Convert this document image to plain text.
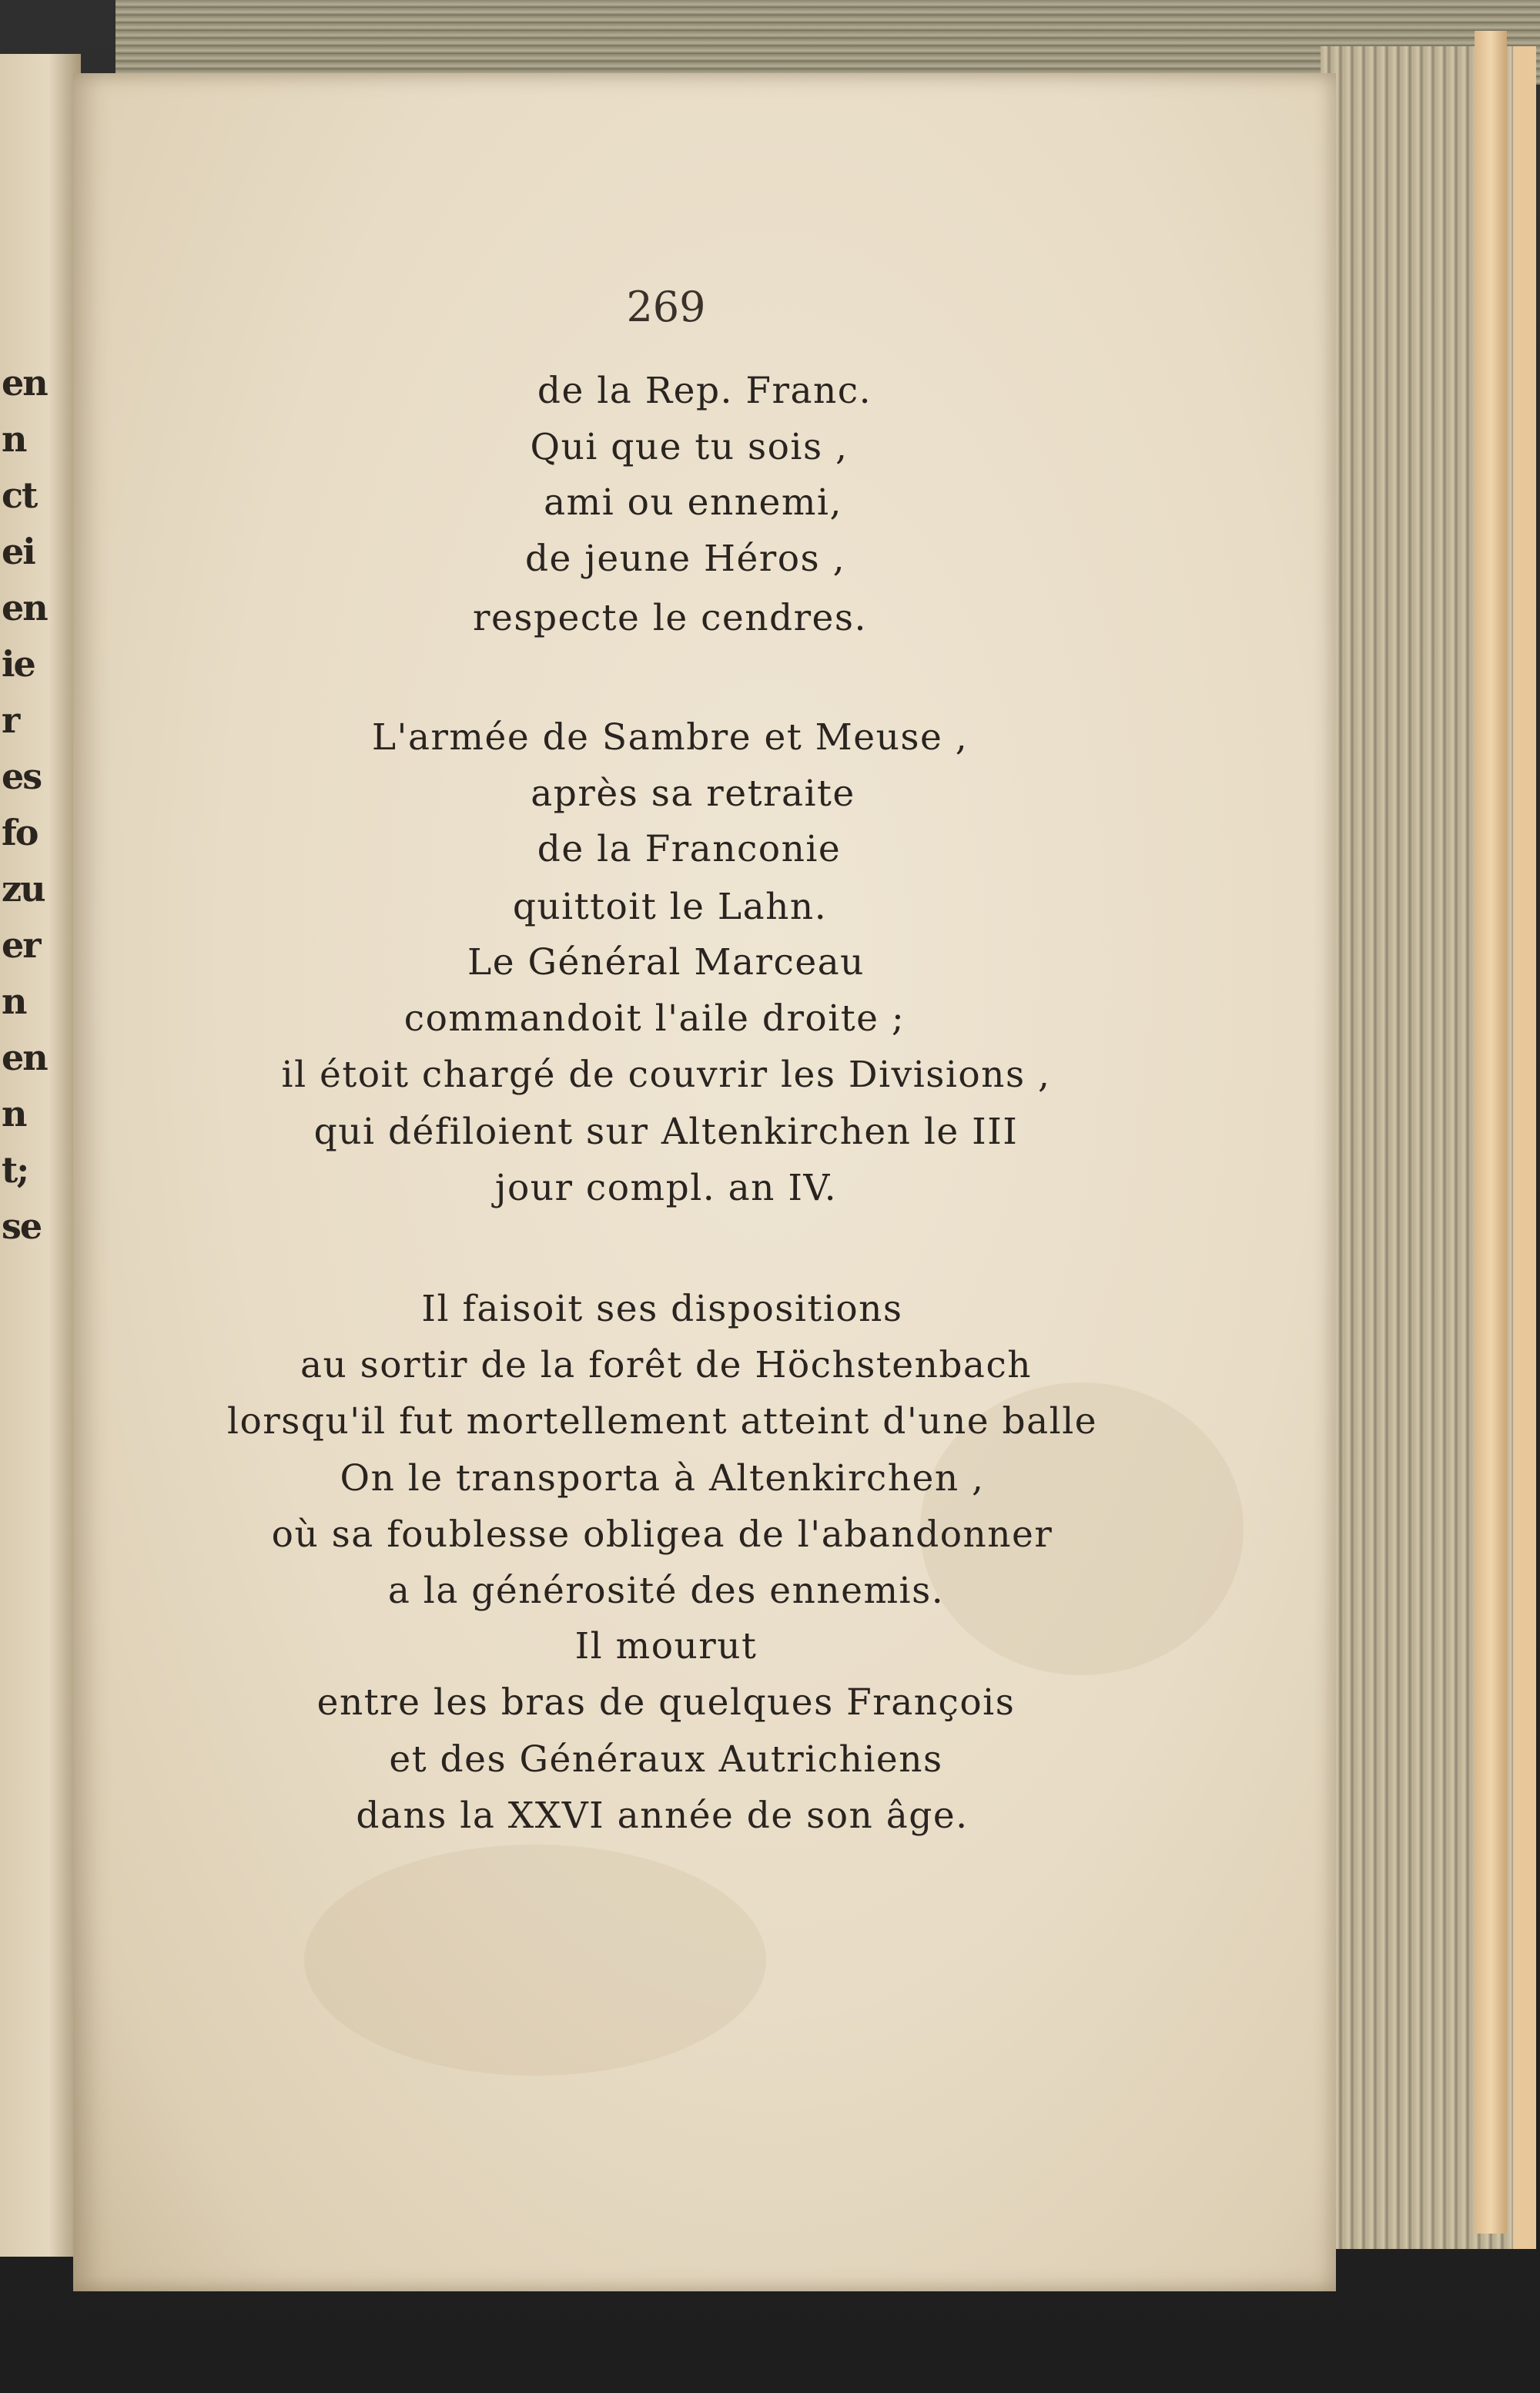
en
n
ct
ei
en
ie
r
es
fo
zu
er
n
en
n
t;
se
269
de la Rep. Franc.
Qui que tu sois ,
ami ou ennemi,
de jeune Héros ,
respecte le cendres.
L'armée de Sambre et Meuse ,
après sa retraite
de la Franconie
quittoit le Lahn.
Le Général Marceau
commandoit l'aile droite ;
il étoit chargé de couvrir les Divisions ,
qui défiloient sur Altenkirchen le III
jour compl. an IV.
Il faisoit ses dispositions
au sortir de la forêt de Höchstenbach
lorsqu'il fut mortellement atteint d'une balle
On le transporta à Altenkirchen ,
où sa foublesse obligea de l'abandonner
a la générosité des ennemis.
Il mourut
entre les bras de quelques François
et des Généraux Autrichiens
dans la XXVI année de son âge.
